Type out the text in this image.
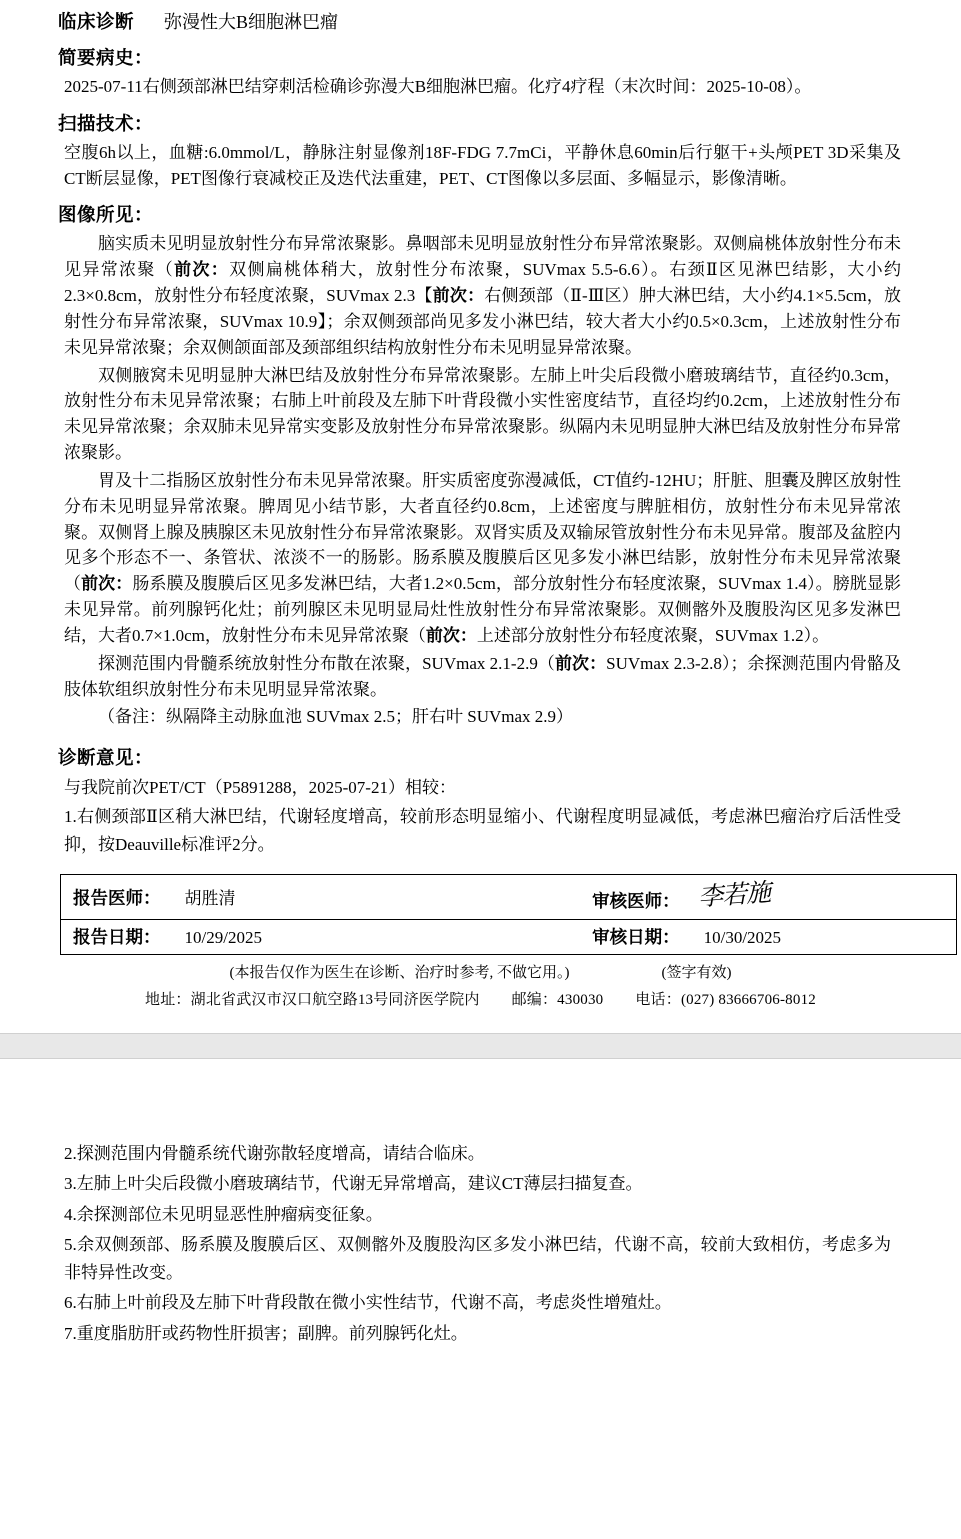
临床诊断 弥漫性大B细胞淋巴瘤
简要病史：
2025-07-11右侧颈部淋巴结穿刺活检确诊弥漫大B细胞淋巴瘤。化疗4疗程（末次时间：2025-10-08）。
扫描技术：
空腹6h以上，血糖:6.0mmol/L，静脉注射显像剂18F-FDG 7.7mCi，平静休息60min后行躯干+头颅PET 3D采集及CT断层显像，PET图像行衰减校正及迭代法重建，PET、CT图像以多层面、多幅显示，影像清晰。
图像所见：
脑实质未见明显放射性分布异常浓聚影。鼻咽部未见明显放射性分布异常浓聚影。双侧扁桃体放射性分布未见异常浓聚（前次：双侧扁桃体稍大，放射性分布浓聚，SUVmax 5.5-6.6）。右颈Ⅱ区见淋巴结影，大小约2.3×0.8cm，放射性分布轻度浓聚，SUVmax 2.3【前次：右侧颈部（Ⅱ-Ⅲ区）肿大淋巴结，大小约4.1×5.5cm，放射性分布异常浓聚，SUVmax 10.9】；余双侧颈部尚见多发小淋巴结，较大者大小约0.5×0.3cm，上述放射性分布未见异常浓聚；余双侧颌面部及颈部组织结构放射性分布未见明显异常浓聚。
双侧腋窝未见明显肿大淋巴结及放射性分布异常浓聚影。左肺上叶尖后段微小磨玻璃结节，直径约0.3cm，放射性分布未见异常浓聚；右肺上叶前段及左肺下叶背段微小实性密度结节，直径均约0.2cm，上述放射性分布未见异常浓聚；余双肺未见异常实变影及放射性分布异常浓聚影。纵隔内未见明显肿大淋巴结及放射性分布异常浓聚影。
胃及十二指肠区放射性分布未见异常浓聚。肝实质密度弥漫减低，CT值约-12HU；肝脏、胆囊及脾区放射性分布未见明显异常浓聚。脾周见小结节影，大者直径约0.8cm，上述密度与脾脏相仿，放射性分布未见异常浓聚。双侧肾上腺及胰腺区未见放射性分布异常浓聚影。双肾实质及双输尿管放射性分布未见异常。腹部及盆腔内见多个形态不一、条管状、浓淡不一的肠影。肠系膜及腹膜后区见多发小淋巴结影，放射性分布未见异常浓聚（前次：肠系膜及腹膜后区见多发淋巴结，大者1.2×0.5cm，部分放射性分布轻度浓聚，SUVmax 1.4）。膀胱显影未见异常。前列腺钙化灶；前列腺区未见明显局灶性放射性分布异常浓聚影。双侧髂外及腹股沟区见多发淋巴结，大者0.7×1.0cm，放射性分布未见异常浓聚（前次：上述部分放射性分布轻度浓聚，SUVmax 1.2）。
探测范围内骨髓系统放射性分布散在浓聚，SUVmax 2.1-2.9（前次：SUVmax 2.3-2.8）；余探测范围内骨骼及肢体软组织放射性分布未见明显异常浓聚。
（备注：纵隔降主动脉血池 SUVmax 2.5；肝右叶 SUVmax 2.9）
诊断意见：
与我院前次PET/CT（P5891288，2025-07-21）相较：
1.右侧颈部Ⅱ区稍大淋巴结，代谢轻度增高，较前形态明显缩小、代谢程度明显减低，考虑淋巴瘤治疗后活性受抑，按Deauville标准评2分。
报告医师： 胡胜清	审核医师： 李若施
报告日期： 10/29/2025	审核日期： 10/30/2025
(本报告仅作为医生在诊断、治疗时参考, 不做它用。)	(签字有效)
地址：湖北省武汉市汉口航空路13号同济医学院内 邮编：430030 电话：(027) 83666706-8012
2.探测范围内骨髓系统代谢弥散轻度增高，请结合临床。
3.左肺上叶尖后段微小磨玻璃结节，代谢无异常增高，建议CT薄层扫描复查。
4.余探测部位未见明显恶性肿瘤病变征象。
5.余双侧颈部、肠系膜及腹膜后区、双侧髂外及腹股沟区多发小淋巴结，代谢不高，较前大致相仿，考虑多为非特异性改变。
6.右肺上叶前段及左肺下叶背段散在微小实性结节，代谢不高，考虑炎性增殖灶。
7.重度脂肪肝或药物性肝损害；副脾。前列腺钙化灶。
